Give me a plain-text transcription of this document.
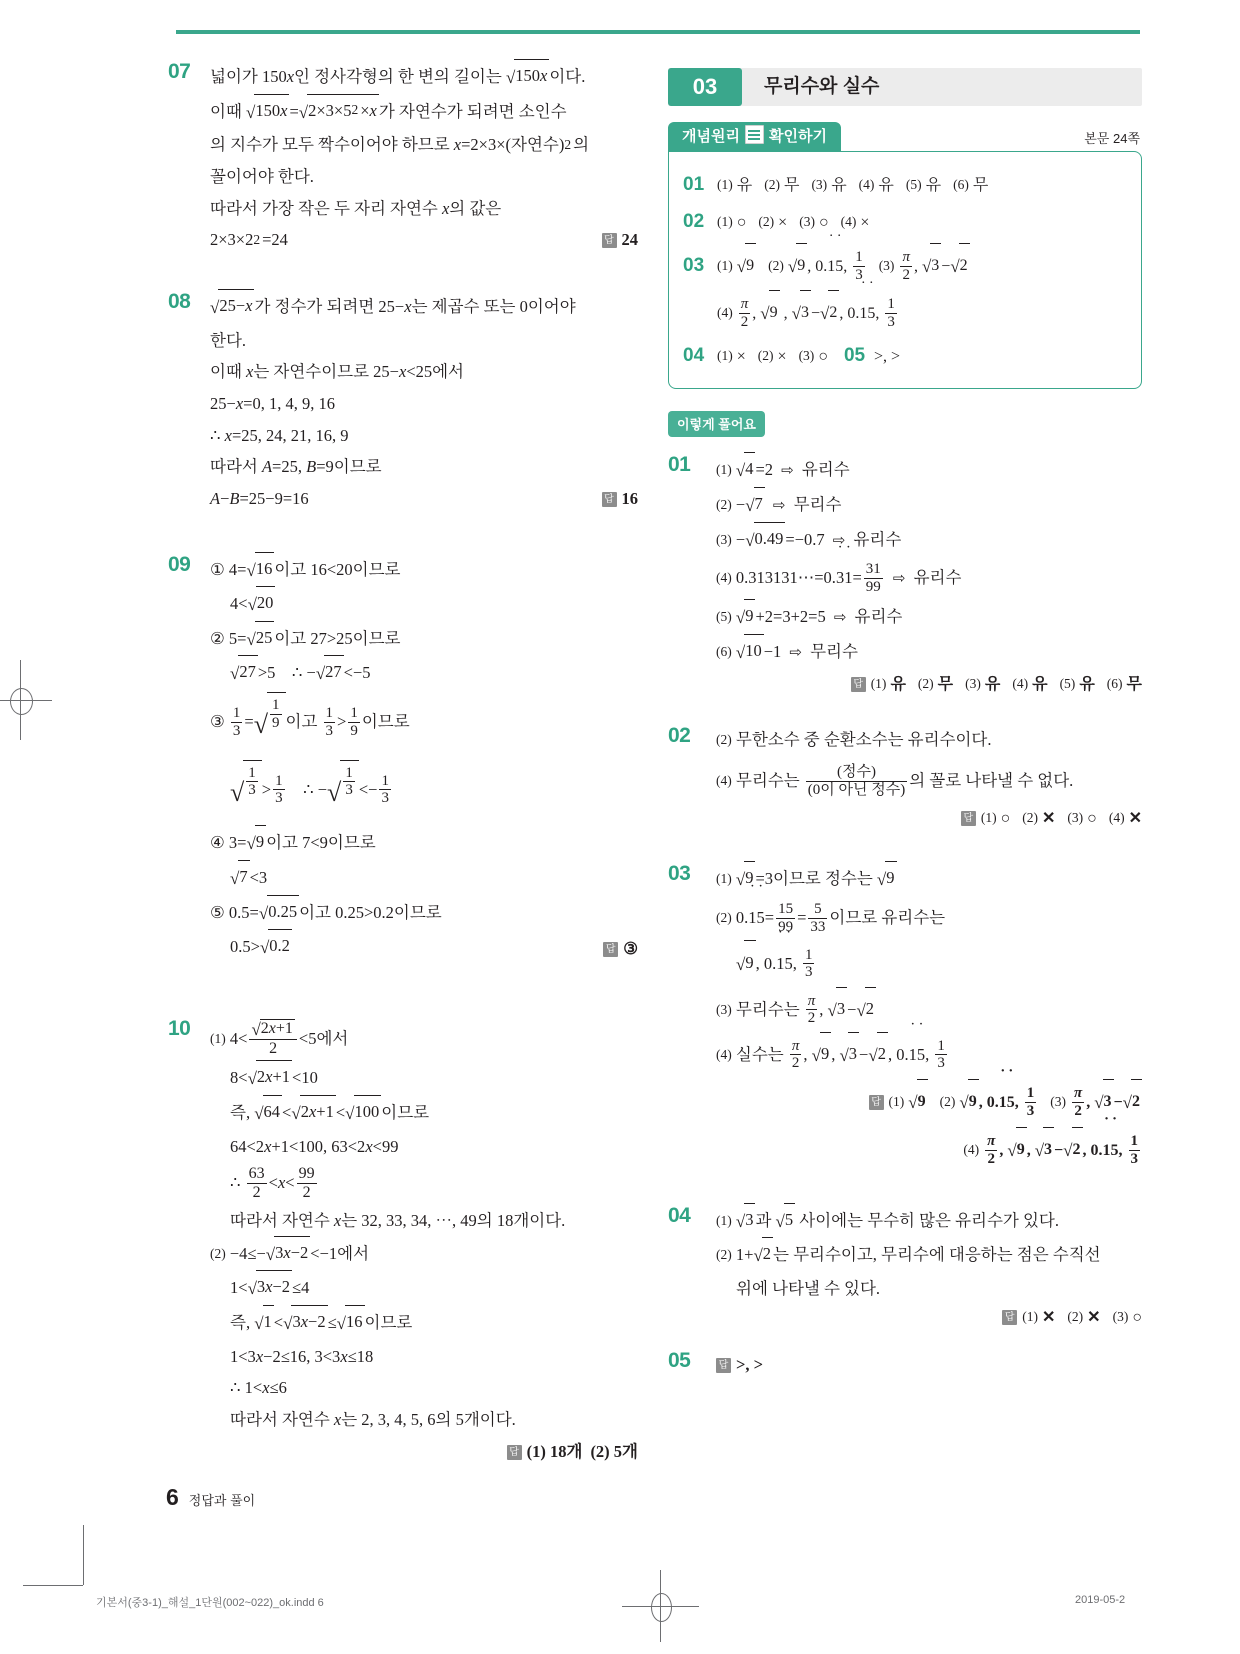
07	넓이가 150x인 정사각형의 한 변의 길이는 √150x 이다.
이때 $√150x =√2\times 3\times 5^2 \times x$ 가 자연수가 되려면 소인수
의 지수가 모두 짝수이어야 하므로 x=2×3×(자연수)$^2$ 의
꼴이어야 한다.
따라서 가장 작은 두 자리 자연수 x의 값은
$2\times 3\times 2^2 =24$	답 24
08	√25−x 가 정수가 되려면 25−x는 제곱수 또는 0이어야
한다.
이때 x는 자연수이므로 25−x<25에서
25−x=0, 1, 4, 9, 16
∴ x=25, 24, 21, 16, 9
따라서 A=25, B=9이므로
A−B=25−9=16	답 16
09	① 4=√16 이고 16<20이므로
4<√20
② 5=√25 이고 27>25이므로
√27 >5    ∴ −√27 <−5
③ $\frac{1}{3}$ =√ $\frac{1}{9}$ 이고 $\frac{1}{3} > \frac{1}{9}$ 이므로
√ $\frac{1}{3} > \frac{1}{3}$ ∴ −√ $\frac{1}{3} <- \frac{1}{3}$
④ 3=√9 이고 7<9이므로
√7 <3
⑤ 0.5=√0.25 이고 0.25>0.2이므로
0.5>√0.2	답 ③
10	(1) $4< \frac{√2x+1}{2} <5$에서
8<√2x+1 <10
즉, √64 <√2x+1 <√100 이므로
64<2x+1<100, 63<2x<99
∴ $\frac{63}{2} <x< \frac{99}{2}$
따라서 자연수 x는 32, 33, 34, ⋯, 49의 18개이다.
(2) −4≤−√3x−2 <−1에서
1<√3x−2 ≤4
즉, √1 <√3x−2 ≤√16 이므로
1<3x−2≤16, 3<3x≤18
∴ 1<x≤6
따라서 자연수 x는 2, 3, 4, 5, 6의 5개이다.
답 (1) 18개 (2) 5개
6 정답과 풀이
03	무리수와 실수
개념원리 확인하기	본문 24쪽
01 (1) 유   (2) 무   (3) 유   (4) 유   (5) 유   (6) 무
02 (1) ○   (2) ×   (3) ○   (4) ×
03 (1) √9 (2) √9 , 0.1 ˙5 ˙, $\frac{1}{3} (3) \frac{\pi}{2}$ , √3 −√2
$(4) \frac{\pi}{2}$ , √9 , √3 −√2 , 0.1 ˙5 ˙, $\frac{1}{3}$
04 (1) ×   (2) ×   (3) ○    05 >, >
이렇게 풀어요
01	(1) √4 =2 ⇨ 유리수
(2) −√7 ⇨ 무리수
(3) −√0.49 =−0.7 ⇨ 유리수
(4) 0.313131⋯=0.3 ˙1 ˙= $\frac{31}{99}$ ⇨ 유리수
(5) √9 +2=3+2=5 ⇨ 유리수
(6) √10 −1 ⇨ 무리수
답 (1) 유 (2) 무 (3) 유 (4) 유 (5) 유 (6) 무
02	(2) 무한소수 중 순환소수는 유리수이다.
(4) 무리수는 $\frac{\text{(정수)}}{\text{(0이 아닌 정수)}}$ 의 꼴로 나타낼 수 없다.
답 (1) ○ (2) ✕ (3) ○ (4) ✕
03	(1) √9 =3이므로 정수는 √9
(2) 0.1 ˙5 ˙= $\frac{15}{99} = \frac{5}{33}$ 이므로 유리수는
√9 , 0.1 ˙5 ˙, $\frac{1}{3}$
(3) 무리수는 $\frac{\pi}{2}$ , √3 −√2
(4) 실수는 $\frac{\pi}{2}$ , √9 , √3 −√2 , 0.1 ˙5 ˙, $\frac{1}{3}$
답 (1) √9 (2) √9 , 0.1 ˙5 ˙, $\frac{1}{3} (3) \frac{\pi}{2}$ , √3 −√2
$(4) \frac{\pi}{2}$ , √9 , √3 −√2 , 0.1 ˙5 ˙, $\frac{1}{3}$
04	(1) √3 과 √5 사이에는 무수히 많은 유리수가 있다.
(2) 1+√2 는 무리수이고, 무리수에 대응하는 점은 수직선
위에 나타낼 수 있다.
답 (1) ✕ (2) ✕ (3) ○
05	답 >, >
기본서(중3-1)_해설_1단원(002~022)_ok.indd 6	2019-05-2
